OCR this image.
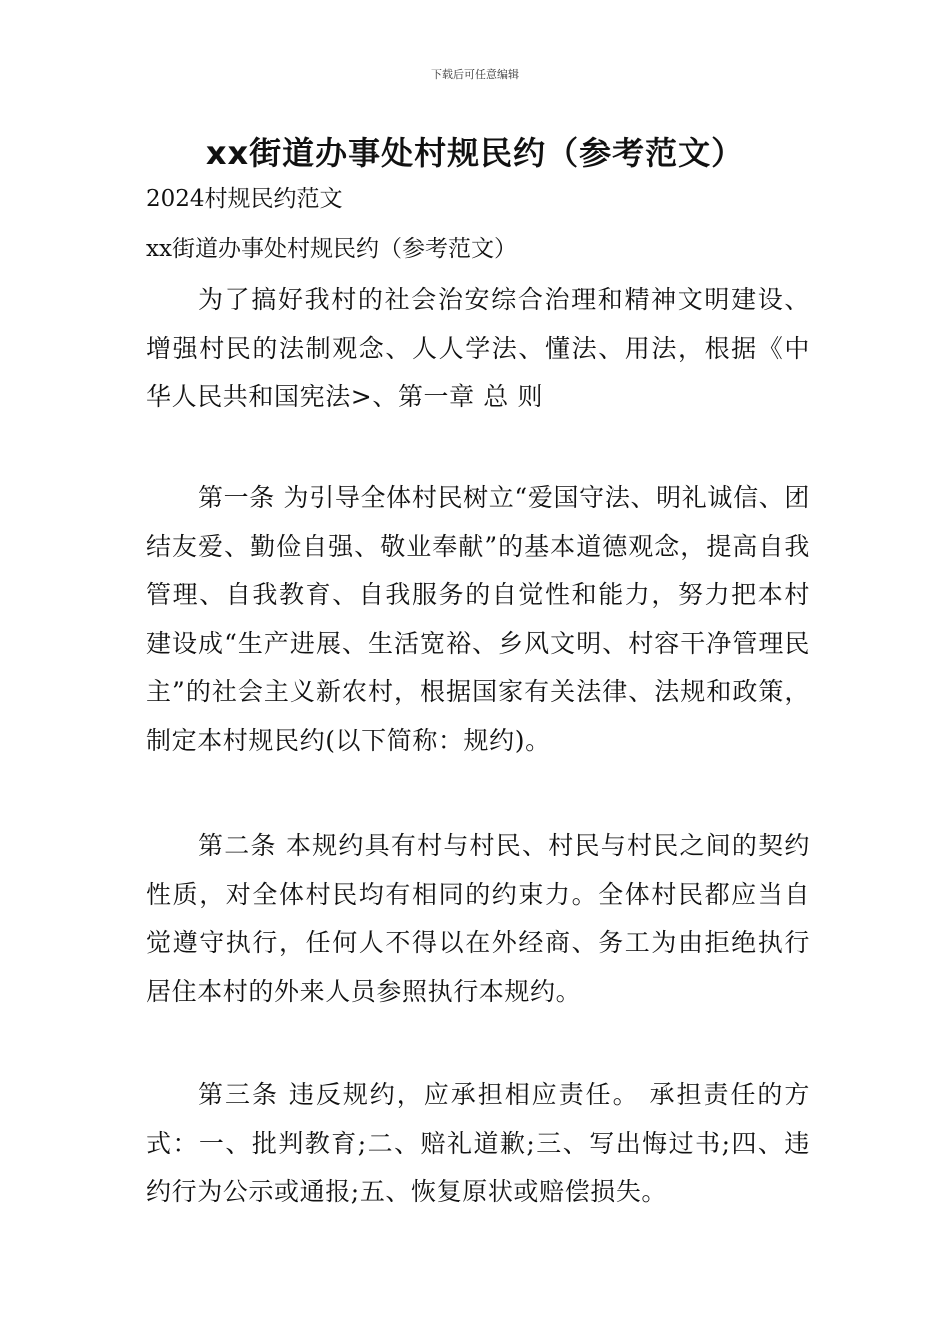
下载后可任意编辑
xx街道办事处村规民约（参考范文）
2024村规民约范文
xx街道办事处村规民约（参考范文）
为了搞好我村的社会治安综合治理和精神文明建设、增强村民的法制观念、人人学法、懂法、用法，根据《中华人民共和国宪法>、第一章 总 则
第一条 为引导全体村民树立“爱国守法、明礼诚信、团结友爱、勤俭自强、敬业奉献”的基本道德观念，提高自我管理、自我教育、自我服务的自觉性和能力，努力把本村建设成“生产进展、生活宽裕、乡风文明、村容干净管理民主”的社会主义新农村，根据国家有关法律、法规和政策，制定本村规民约(以下简称：规约)。
第二条 本规约具有村与村民、村民与村民之间的契约性质，对全体村民均有相同的约束力。全体村民都应当自觉遵守执行，任何人不得以在外经商、务工为由拒绝执行居住本村的外来人员参照执行本规约。
第三条 违反规约，应承担相应责任。 承担责任的方式：一、批判教育;二、赔礼道歉;三、写出悔过书;四、违约行为公示或通报;五、恢复原状或赔偿损失。
